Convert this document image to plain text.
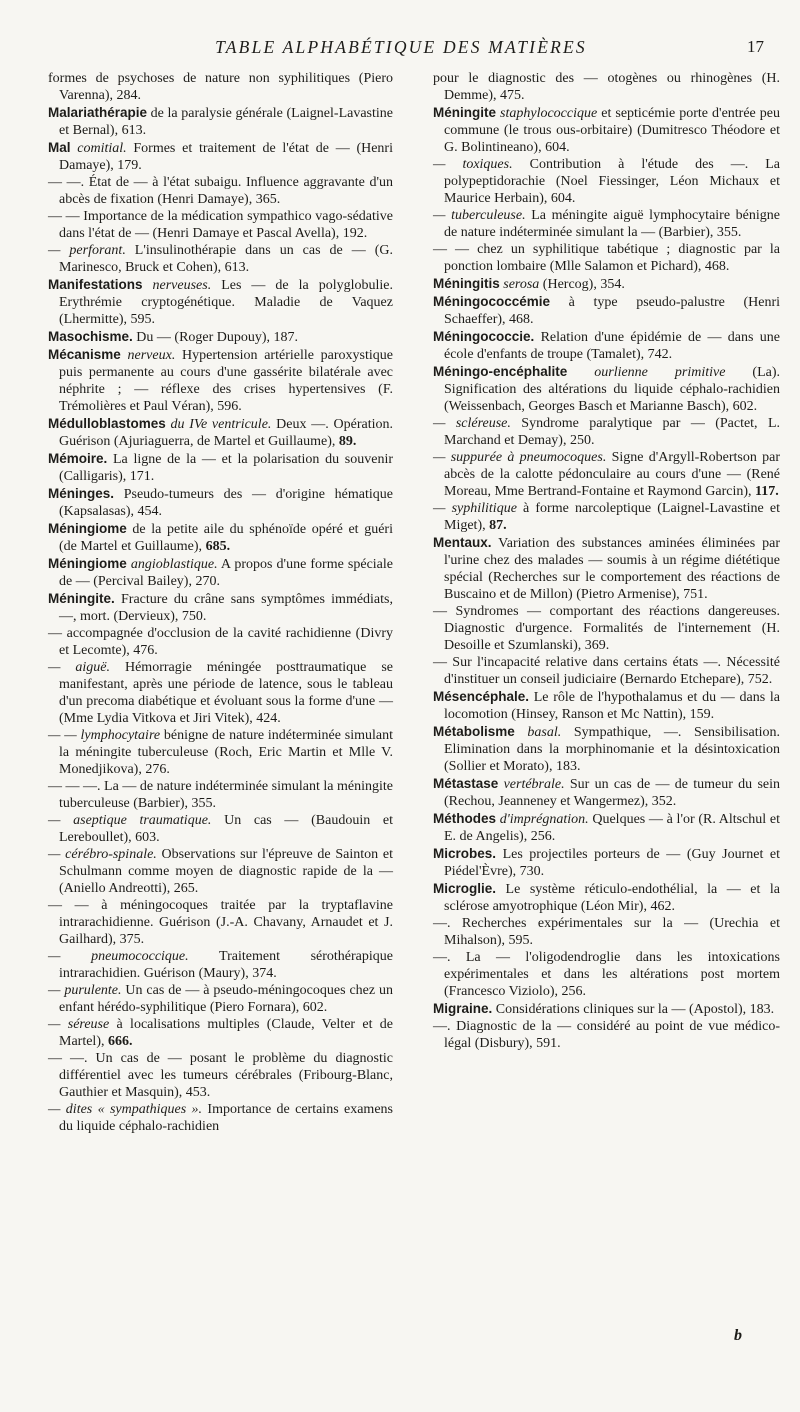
TABLE ALPHABÉTIQUE DES MATIÈRES	17

formes de psychoses de nature non syphilitiques (Piero Varenna), 284.

Malariathérapie de la paralysie générale (Laignel-Lavastine et Bernal), 613.

Mal comitial. Formes et traitement de l'état de — (Henri Damaye), 179.

— —. État de — à l'état subaigu. Influence aggravante d'un abcès de fixation (Henri Damaye), 365.

— — Importance de la médication sympathico vago-sédative dans l'état de — (Henri Damaye et Pascal Avella), 192.

— perforant. L'insulinothérapie dans un cas de — (G. Marinesco, Bruck et Cohen), 613.

Manifestations nerveuses. Les — de la polyglobulie. Erythrémie cryptogénétique. Maladie de Vaquez (Lhermitte), 595.

Masochisme. Du — (Roger Dupouy), 187.

Mécanisme nerveux. Hypertension artérielle paroxystique puis permanente au cours d'une gassérite bilatérale avec néphrite ; — réflexe des crises hypertensives (F. Trémolières et Paul Véran), 596.

Médulloblastomes du IVe ventricule. Deux —. Opération. Guérison (Ajuriaguerra, de Martel et Guillaume), 89.

Mémoire. La ligne de la — et la polarisation du souvenir (Calligaris), 171.

Méninges. Pseudo-tumeurs des — d'origine hématique (Kapsalasas), 454.

Méningiome de la petite aile du sphénoïde opéré et guéri (de Martel et Guillaume), 685.

Méningiome angioblastique. A propos d'une forme spéciale de — (Percival Bailey), 270.

Méningite. Fracture du crâne sans symptômes immédiats, —, mort. (Dervieux), 750.

— accompagnée d'occlusion de la cavité rachidienne (Divry et Lecomte), 476.

— aiguë. Hémorragie méningée posttraumatique se manifestant, après une période de latence, sous le tableau d'un precoma diabétique et évoluant sous la forme d'une — (Mme Lydia Vitkova et Jiri Vitek), 424.

— — lymphocytaire bénigne de nature indéterminée simulant la méningite tuberculeuse (Roch, Eric Martin et Mlle V. Monedjikova), 276.

— — —. La — de nature indéterminée simulant la méningite tuberculeuse (Barbier), 355.

— aseptique traumatique. Un cas — (Baudouin et Lereboullet), 603.

— cérébro-spinale. Observations sur l'épreuve de Sainton et Schulmann comme moyen de diagnostic rapide de la — (Aniello Andreotti), 265.

— — à méningocoques traitée par la tryptaflavine intrarachidienne. Guérison (J.-A. Chavany, Arnaudet et J. Gailhard), 375.

— pneumococcique. Traitement sérothérapique intrarachidien. Guérison (Maury), 374.

— purulente. Un cas de — à pseudo-méningocoques chez un enfant hérédo-syphilitique (Piero Fornara), 602.

— séreuse à localisations multiples (Claude, Velter et de Martel), 666.

— —. Un cas de — posant le problème du diagnostic différentiel avec les tumeurs cérébrales (Fribourg-Blanc, Gauthier et Masquin), 453.

— dites « sympathiques ». Importance de certains examens du liquide céphalo-rachidien

pour le diagnostic des — otogènes ou rhinogènes (H. Demme), 475.

Méningite staphylococcique et septicémie porte d'entrée peu commune (le trous ous-orbitaire) (Dumitresco Théodore et G. Bolintineano), 604.

— toxiques. Contribution à l'étude des —. La polypeptidorachie (Noel Fiessinger, Léon Michaux et Maurice Herbain), 604.

— tuberculeuse. La méningite aiguë lymphocytaire bénigne de nature indéterminée simulant la — (Barbier), 355.

— — chez un syphilitique tabétique ; diagnostic par la ponction lombaire (Mlle Salamon et Pichard), 468.

Méningitis serosa (Hercog), 354.

Méningococcémie à type pseudo-palustre (Henri Schaeffer), 468.

Méningococcie. Relation d'une épidémie de — dans une école d'enfants de troupe (Tamalet), 742.

Méningo-encéphalite ourlienne primitive (La). Signification des altérations du liquide céphalo-rachidien (Weissenbach, Georges Basch et Marianne Basch), 602.

— scléreuse. Syndrome paralytique par — (Pactet, L. Marchand et Demay), 250.

— suppurée à pneumocoques. Signe d'Argyll-Robertson par abcès de la calotte pédonculaire au cours d'une — (René Moreau, Mme Bertrand-Fontaine et Raymond Garcin), 117.

— syphilitique à forme narcoleptique (Laignel-Lavastine et Miget), 87.

Mentaux. Variation des substances aminées éliminées par l'urine chez des malades — soumis à un régime diététique spécial (Recherches sur le comportement des réactions de Buscaino et de Millon) (Pietro Armenise), 751.

— Syndromes — comportant des réactions dangereuses. Diagnostic d'urgence. Formalités de l'internement (H. Desoille et Szumlanski), 369.

— Sur l'incapacité relative dans certains états —. Nécessité d'instituer un conseil judiciaire (Bernardo Etchepare), 752.

Mésencéphale. Le rôle de l'hypothalamus et du — dans la locomotion (Hinsey, Ranson et Mc Nattin), 159.

Métabolisme basal. Sympathique, —. Sensibilisation. Elimination dans la morphinomanie et la désintoxication (Sollier et Morato), 183.

Métastase vertébrale. Sur un cas de — de tumeur du sein (Rechou, Jeanneney et Wangermez), 352.

Méthodes d'imprégnation. Quelques — à l'or (R. Altschul et E. de Angelis), 256.

Microbes. Les projectiles porteurs de — (Guy Journet et Piédel'Èvre), 730.

Microglie. Le système réticulo-endothélial, la — et la sclérose amyotrophique (Léon Mir), 462.

—. Recherches expérimentales sur la — (Urechia et Mihalson), 595.

—. La — l'oligodendroglie dans les intoxications expérimentales et dans les altérations post mortem (Francesco Viziolo), 256.

Migraine. Considérations cliniques sur la — (Apostol), 183.

—. Diagnostic de la — considéré au point de vue médico-légal (Disbury), 591.

b
